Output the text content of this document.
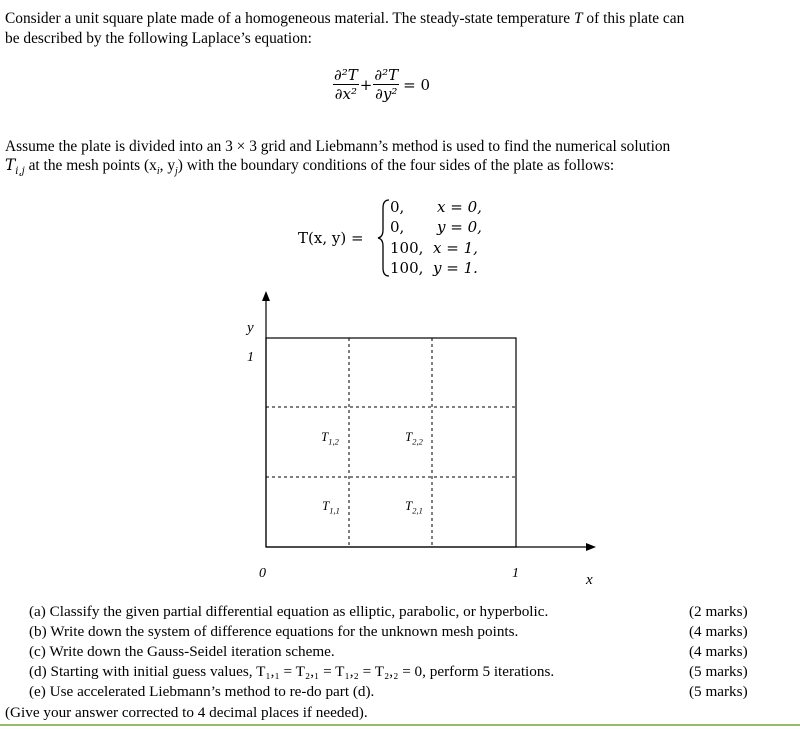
Consider a unit square plate made of a homogeneous material. The steady-state temperature T of this plate can
be described by the following Laplace’s equation:
$\frac{\text{∂²T}}{\text{∂x²}} + \frac{\text{∂²T}}{\text{∂y²}} = 0$
Assume the plate is divided into an 3 × 3 grid and Liebmann’s method is used to find the numerical solution
$T_{i,j}$ at the mesh points ($x_i$, $y_j$) with the boundary conditions of the four sides of the plate as follows:
T(x, y) =
0, x = 0,
0, y = 0,
100, x = 1,
100, y = 1.
y
1
0	1	x
$T_{1,2}$	$T_{2,2}$
$T_{1,1}$	$T_{2,1}$
(a) Classify the given partial differential equation as elliptic, parabolic, or hyperbolic.
(b) Write down the system of difference equations for the unknown mesh points.
(c) Write down the Gauss-Seidel iteration scheme.
(d) Starting with initial guess values, T₁,₁ = T₂,₁ = T₁,₂ = T₂,₂ = 0, perform 5 iterations.
(e) Use accelerated Liebmann’s method to re-do part (d).
(2 marks)
(4 marks)
(4 marks)
(5 marks)
(5 marks)
(Give your answer corrected to 4 decimal places if needed).
